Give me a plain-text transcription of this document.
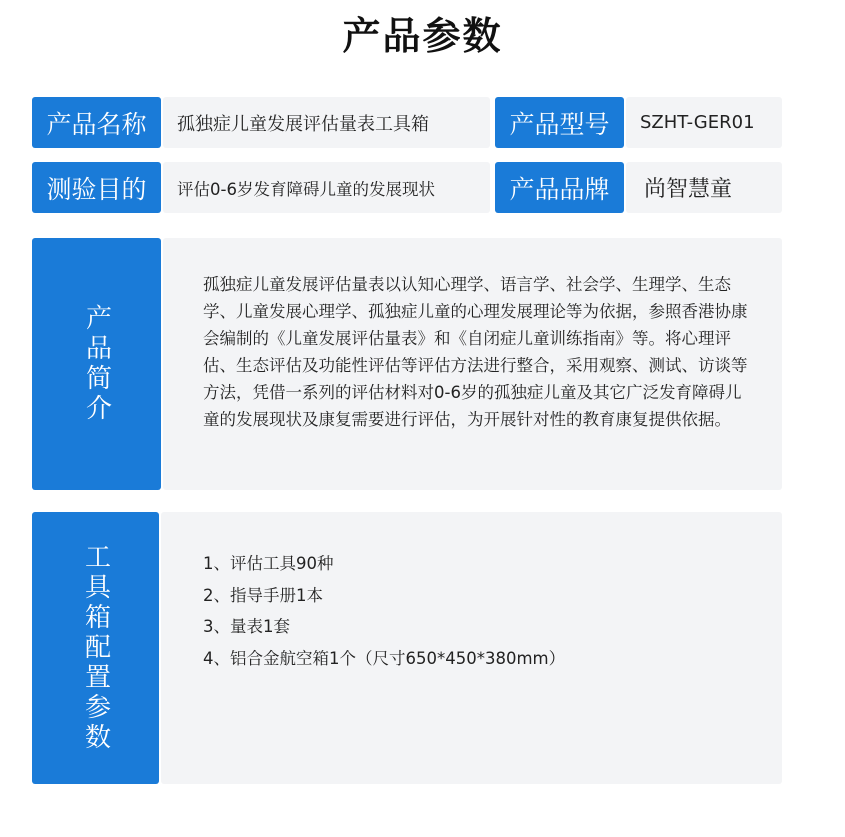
产品参数
产品名称	孤独症儿童发展评估量表工具箱	产品型号	SZHT-GER01
测验目的	评估0-6岁发育障碍儿童的发展现状	产品品牌	尚智慧童
产品简介
孤独症儿童发展评估量表以认知心理学、语言学、社会学、生理学、生态学、儿童发展心理学、孤独症儿童的心理发展理论等为依据，参照香港协康会编制的《儿童发展评估量表》和《自闭症儿童训练指南》等。将心理评估、生态评估及功能性评估等评估方法进行整合，采用观察、测试、访谈等方法，凭借一系列的评估材料对0-6岁的孤独症儿童及其它广泛发育障碍儿童的发展现状及康复需要进行评估，为开展针对性的教育康复提供依据。
工具箱配置参数	1、评估工具90种
2、指导手册1本
3、量表1套
4、铝合金航空箱1个（尺寸650*450*380mm）
